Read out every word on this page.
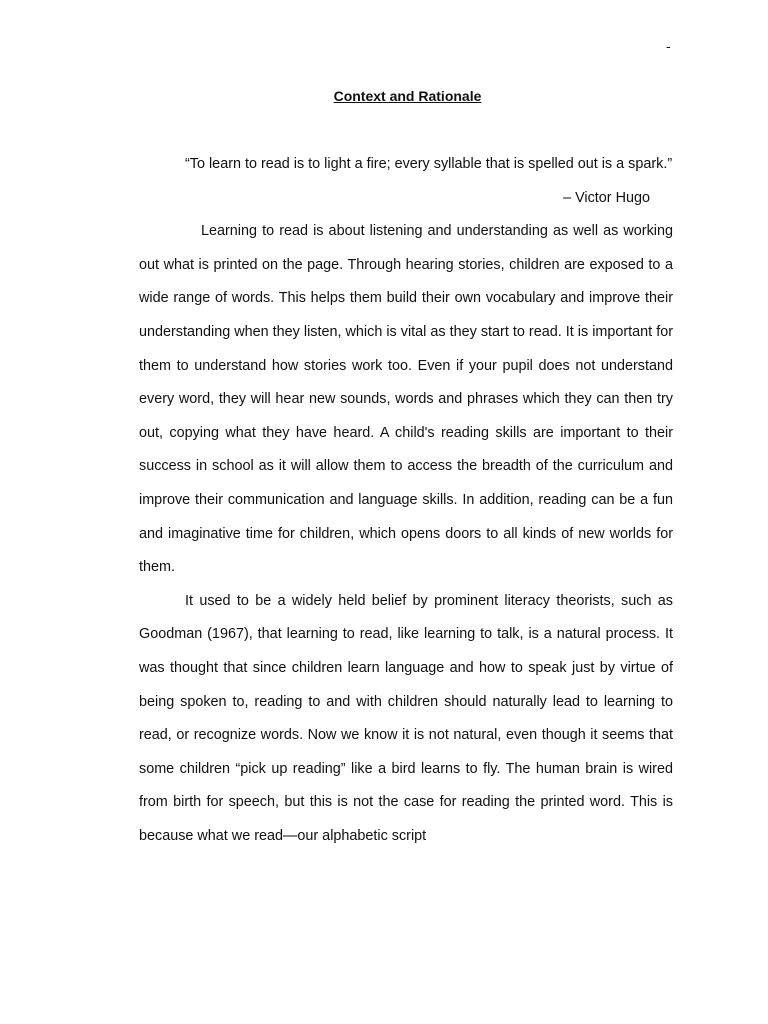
-
Context and Rationale

“To learn to read is to light a fire; every syllable that is spelled out is a spark.”

– Victor Hugo

Learning to read is about listening and understanding as well as working out what is printed on the page. Through hearing stories, children are exposed to a wide range of words. This helps them build their own vocabulary and improve their understanding when they listen, which is vital as they start to read. It is important for them to understand how stories work too. Even if your pupil does not understand every word, they will hear new sounds, words and phrases which they can then try out, copying what they have heard. A child's reading skills are important to their success in school as it will allow them to access the breadth of the curriculum and improve their communication and language skills. In addition, reading can be a fun and imaginative time for children, which opens doors to all kinds of new worlds for them.

It used to be a widely held belief by prominent literacy theorists, such as Goodman (1967), that learning to read, like learning to talk, is a natural process. It was thought that since children learn language and how to speak just by virtue of being spoken to, reading to and with children should naturally lead to learning to read, or recognize words. Now we know it is not natural, even though it seems that some children “pick up reading” like a bird learns to fly. The human brain is wired from birth for speech, but this is not the case for reading the printed word. This is because what we read—our alphabetic script
